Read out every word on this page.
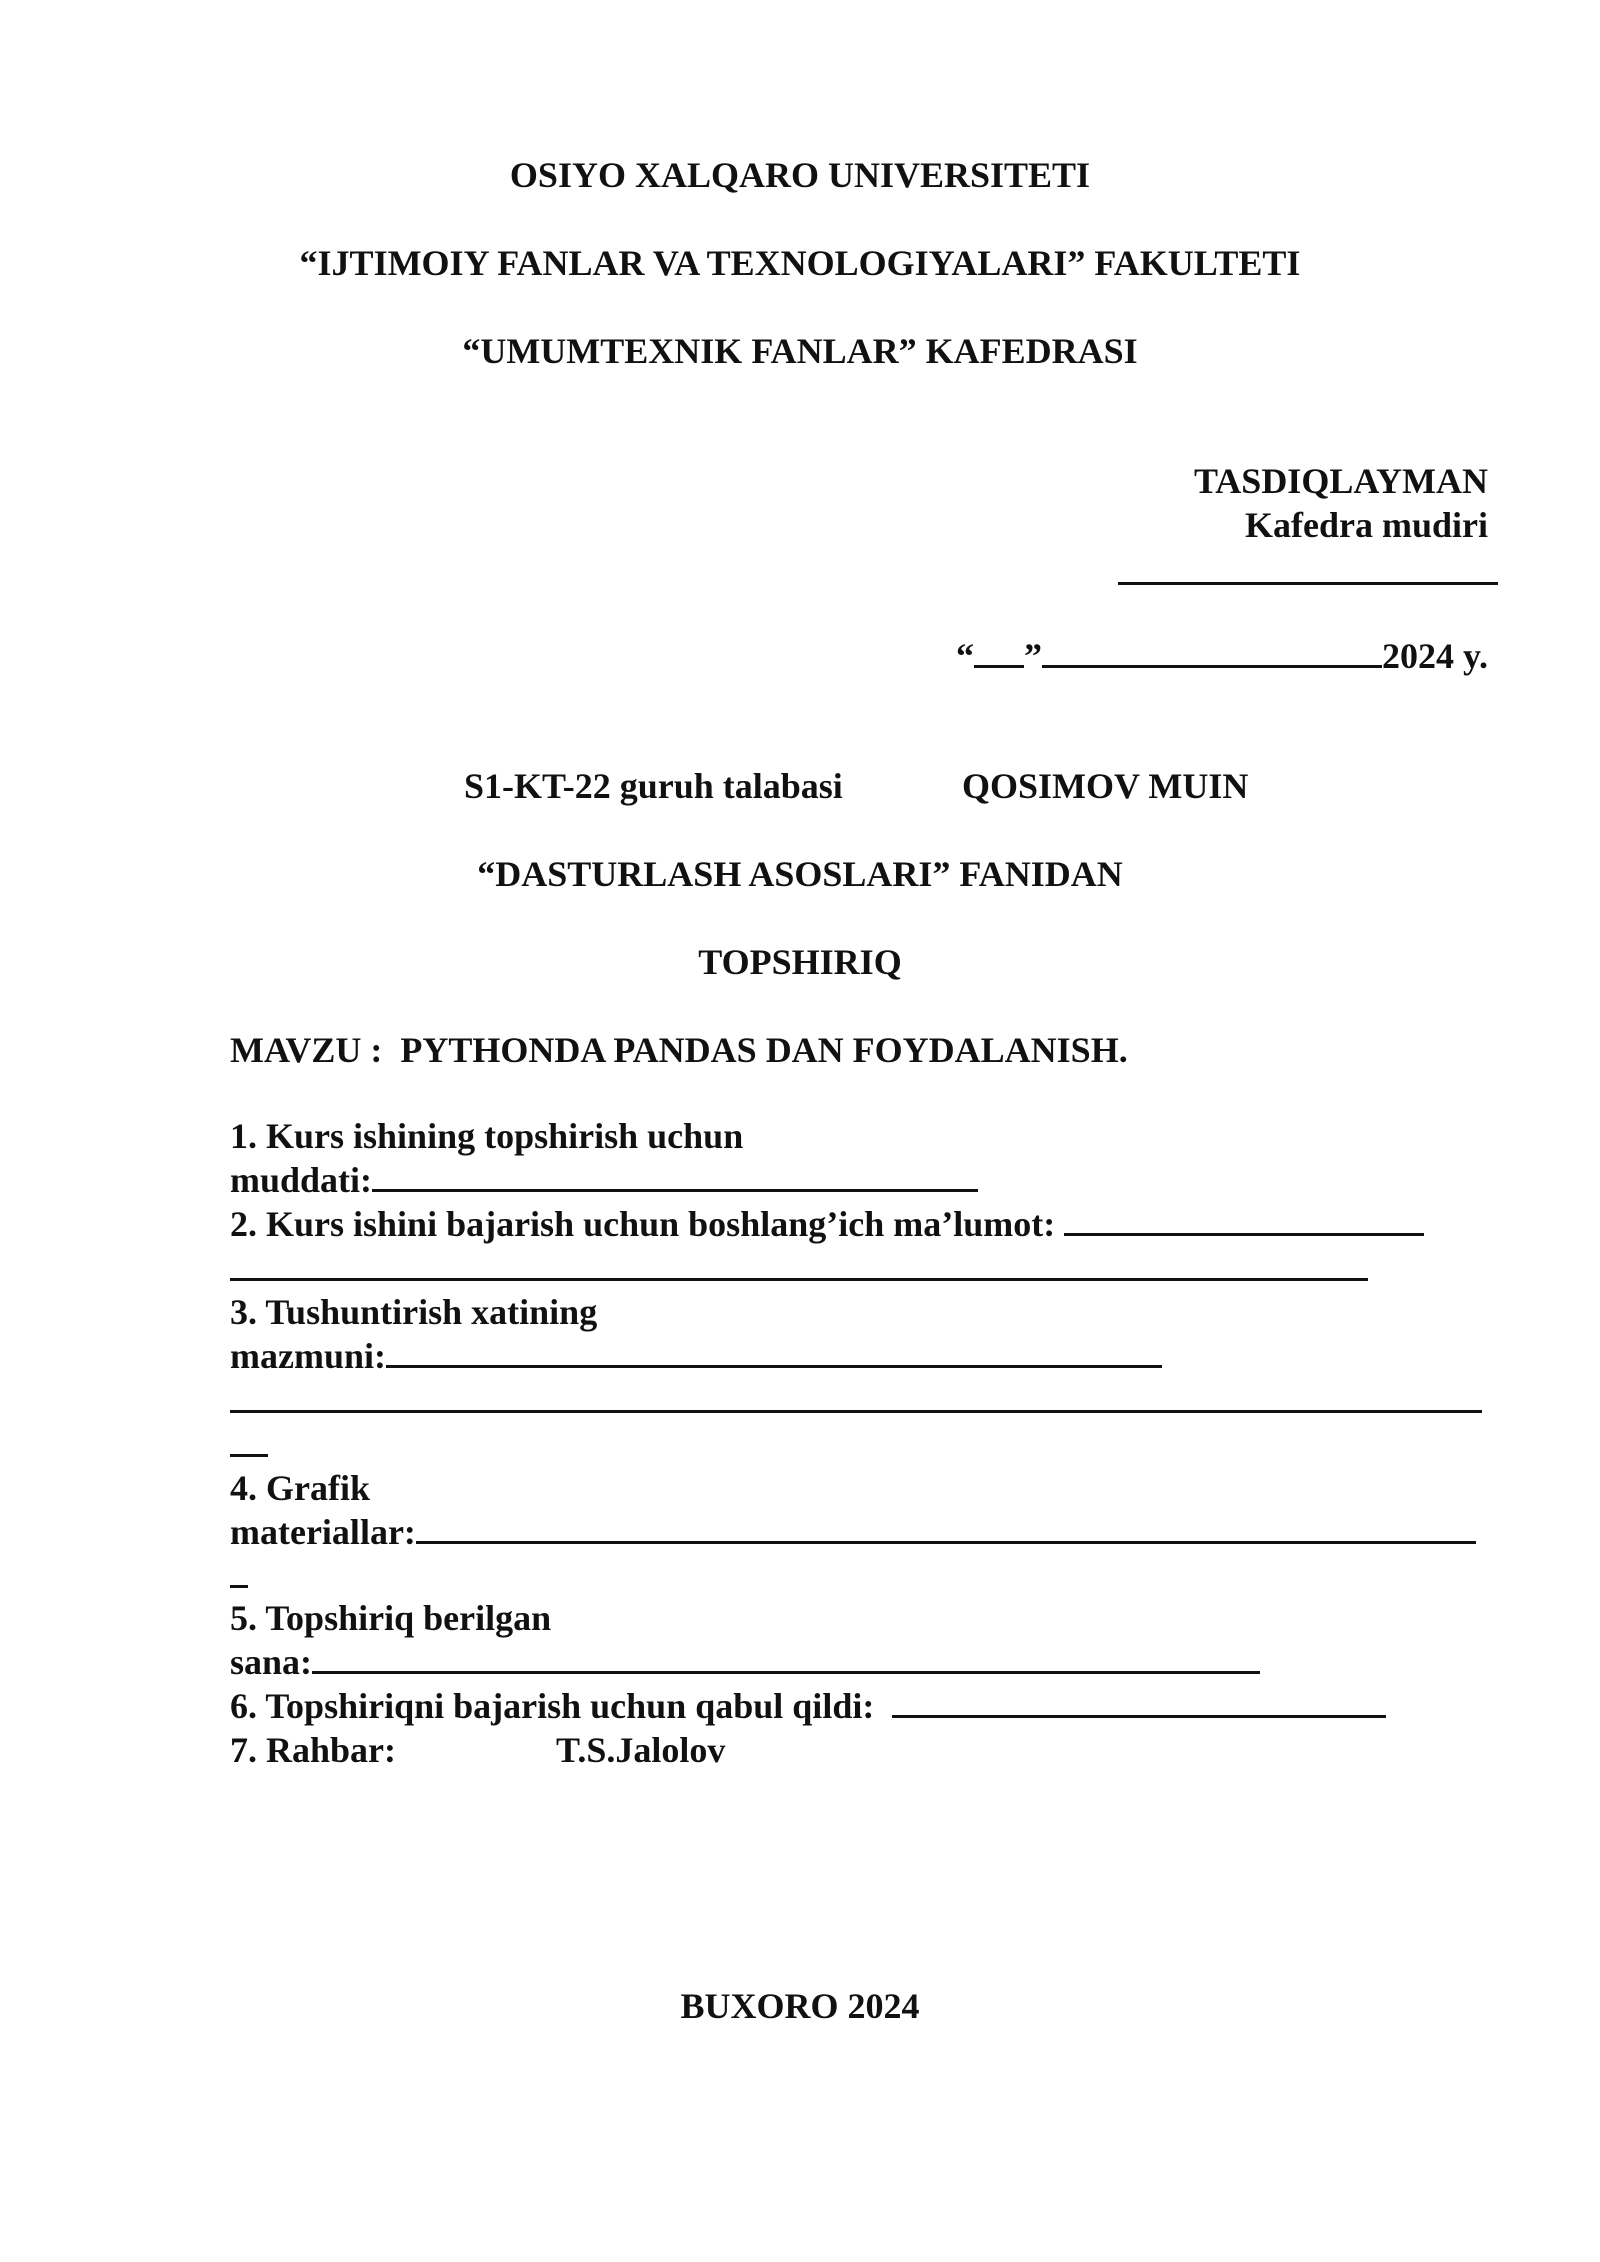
OSIYO XALQARO UNIVERSITETI
“IJTIMOIY FANLAR VA TEXNOLOGIYALARI” FAKULTETI
“UMUMTEXNIK FANLAR” KAFEDRASI
TASDIQLAYMAN
Kafedra mudiri
“ ”	2024 y.
S1-KT-22 guruh talabasi	QOSIMOV MUIN
“DASTURLASH ASOSLARI” FANIDAN
TOPSHIRIQ
MAVZU : PYTHONDA PANDAS DAN FOYDALANISH.
1. Kurs ishining topshirish uchun
muddati:
2. Kurs ishini bajarish uchun boshlang’ich ma’lumot:
3. Tushuntirish xatining
mazmuni:
4. Grafik
materiallar:
5. Topshiriq berilgan
sana:
6. Topshiriqni bajarish uchun qabul qildi:
7. Rahbar:	T.S.Jalolov
BUXORO 2024
